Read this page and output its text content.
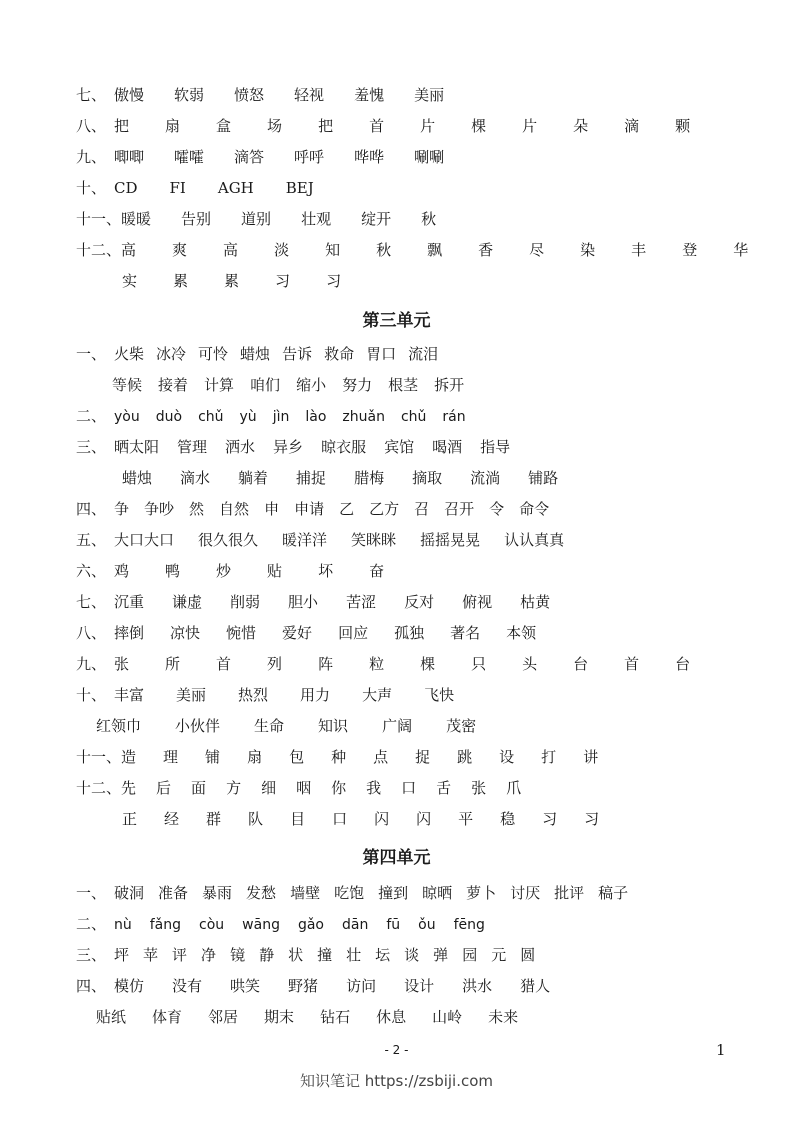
七、 傲慢 软弱 愤怒 轻视 羞愧 美丽
八、 把 扇 盒 场 把 首 片 棵 片 朵 滴 颗
九、 唧唧 嚯嚯 滴答 呼呼 哗哗 唰唰
十、 CD FI AGH BEJ
十一、暖暖 告别 道别 壮观 绽开 秋
十二、高 爽 高 淡 知 秋 飘 香 尽 染 丰 登 华
实 累 累 习 习
第三单元
一、 火柴 冰冷 可怜 蜡烛 告诉 救命 胃口 流泪
等候 接着 计算 咱们 缩小 努力 根茎 拆开
二、 yòu duò chǔ yù jìn lào zhuǎn chǔ rán
三、 晒太阳 管理 洒水 异乡 晾衣服 宾馆 喝酒 指导
蜡烛 滴水 躺着 捕捉 腊梅 摘取 流淌 铺路
四、 争 争吵 然 自然 申 申请 乙 乙方 召 召开 令 命令
五、 大口大口 很久很久 暖洋洋 笑眯眯 摇摇晃晃 认认真真
六、 鸡 鸭 炒 贴 坏 奋
七、 沉重 谦虚 削弱 胆小 苦涩 反对 俯视 枯黄
八、 摔倒 凉快 惋惜 爱好 回应 孤独 著名 本领
九、 张 所 首 列 阵 粒 棵 只 头 台 首 台
十、 丰富 美丽 热烈 用力 大声 飞快
红领巾 小伙伴 生命 知识 广阔 茂密
十一、造 理 铺 扇 包 种 点 捉 跳 设 打 讲
十二、先 后 面 方 细 咽 你 我 口 舌 张 爪
正 经 群 队 目 口 闪 闪 平 稳 习 习
第四单元
一、 破洞 准备 暴雨 发愁 墙壁 吃饱 撞到 晾晒 萝卜 讨厌 批评 稿子
二、 nù fǎng còu wāng gǎo dān fū ǒu fēng
三、 坪 苹 评 净 镜 静 状 撞 壮 坛 谈 弹 园 元 圆
四、 模仿 没有 哄笑 野猪 访问 设计 洪水 猎人
贴纸 体育 邻居 期末 钻石 休息 山岭 未来
- 2 -	1
知识笔记 https://zsbiji.com
